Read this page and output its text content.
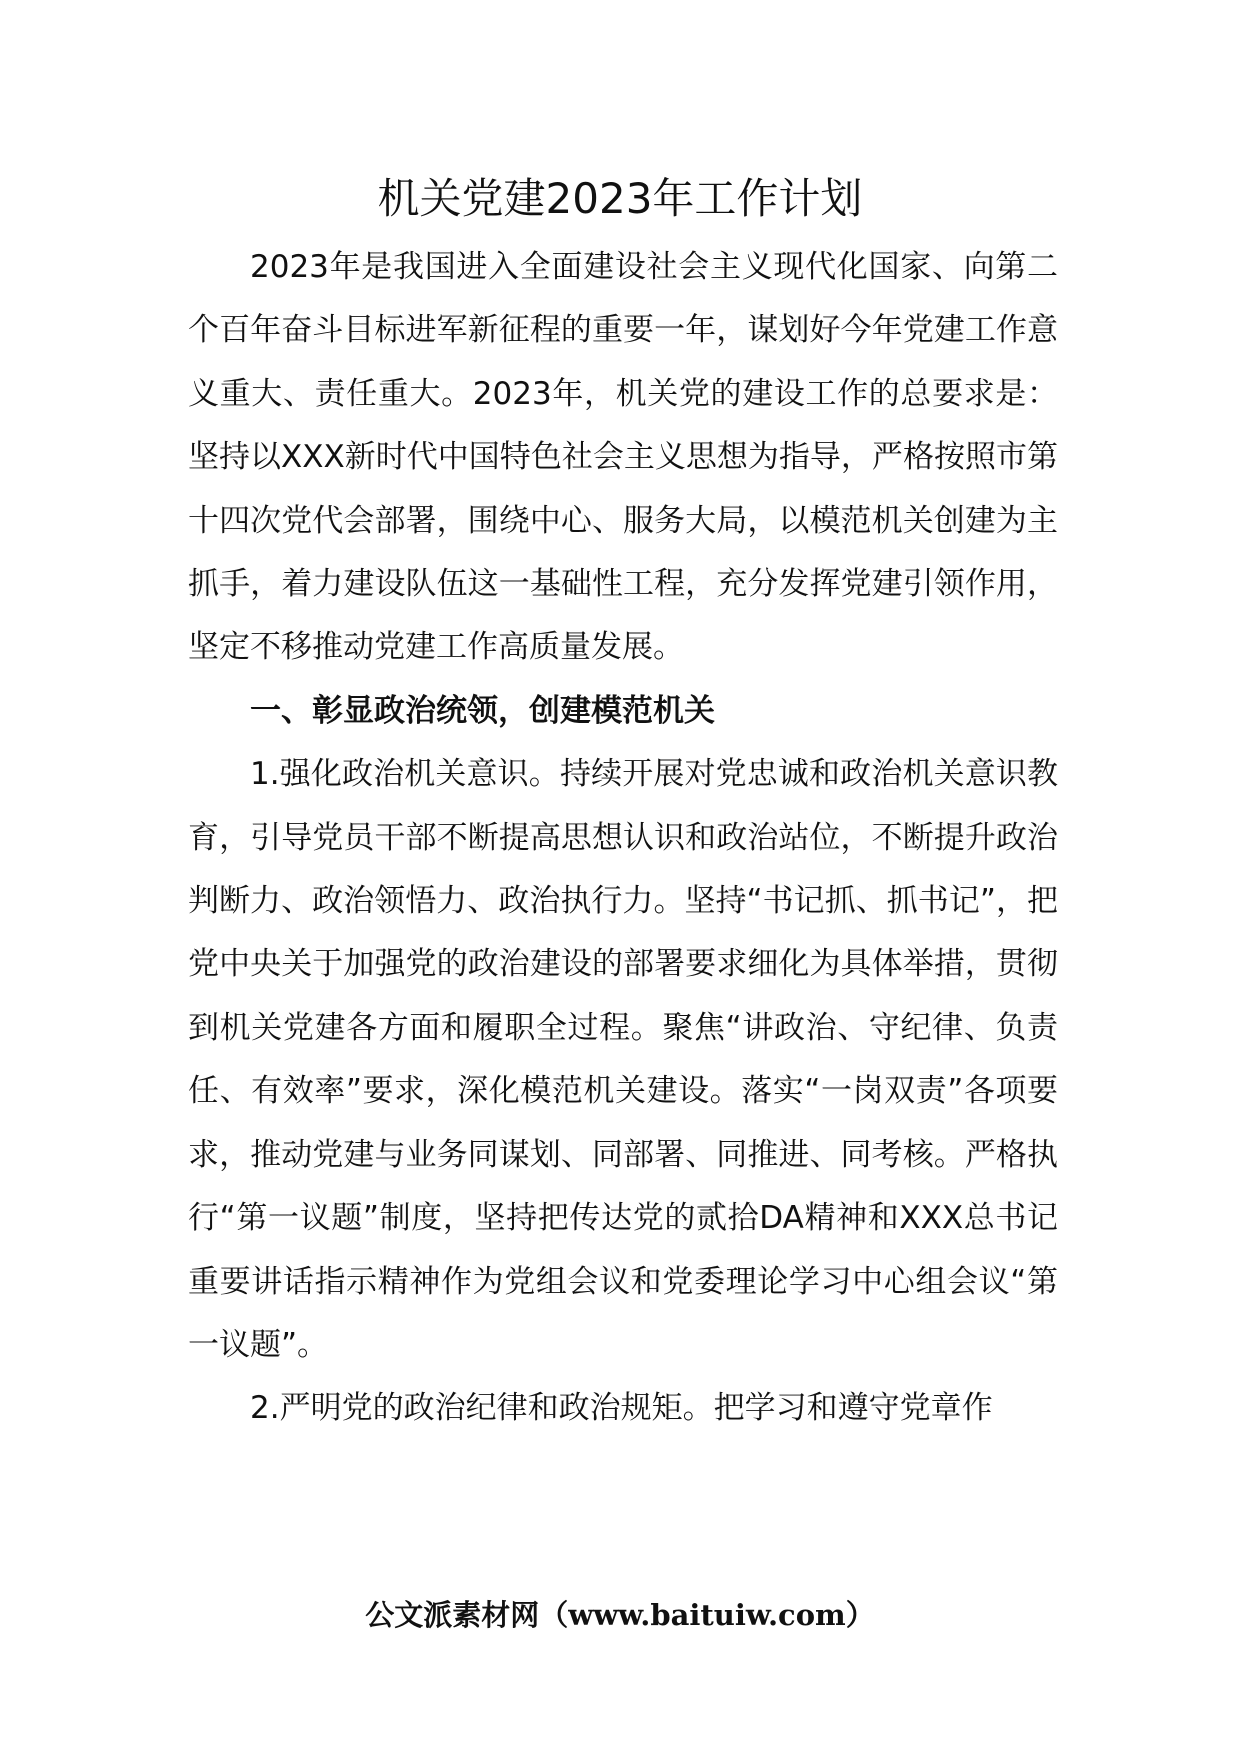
机关党建2023年工作计划

2023年是我国进入全面建设社会主义现代化国家、向第二个百年奋斗目标进军新征程的重要一年，谋划好今年党建工作意义重大、责任重大。2023年，机关党的建设工作的总要求是：坚持以XXX新时代中国特色社会主义思想为指导，严格按照市第十四次党代会部署，围绕中心、服务大局，以模范机关创建为主抓手，着力建设队伍这一基础性工程，充分发挥党建引领作用，坚定不移推动党建工作高质量发展。

一、彰显政治统领，创建模范机关

1.强化政治机关意识。持续开展对党忠诚和政治机关意识教育，引导党员干部不断提高思想认识和政治站位，不断提升政治判断力、政治领悟力、政治执行力。坚持“书记抓、抓书记”，把党中央关于加强党的政治建设的部署要求细化为具体举措，贯彻到机关党建各方面和履职全过程。聚焦“讲政治、守纪律、负责任、有效率”要求，深化模范机关建设。落实“一岗双责”各项要求，推动党建与业务同谋划、同部署、同推进、同考核。严格执行“第一议题”制度，坚持把传达党的贰拾DA精神和XXX总书记重要讲话指示精神作为党组会议和党委理论学习中心组会议“第一议题”。

2.严明党的政治纪律和政治规矩。把学习和遵守党章作

公文派素材网（www.baituiw.com）
